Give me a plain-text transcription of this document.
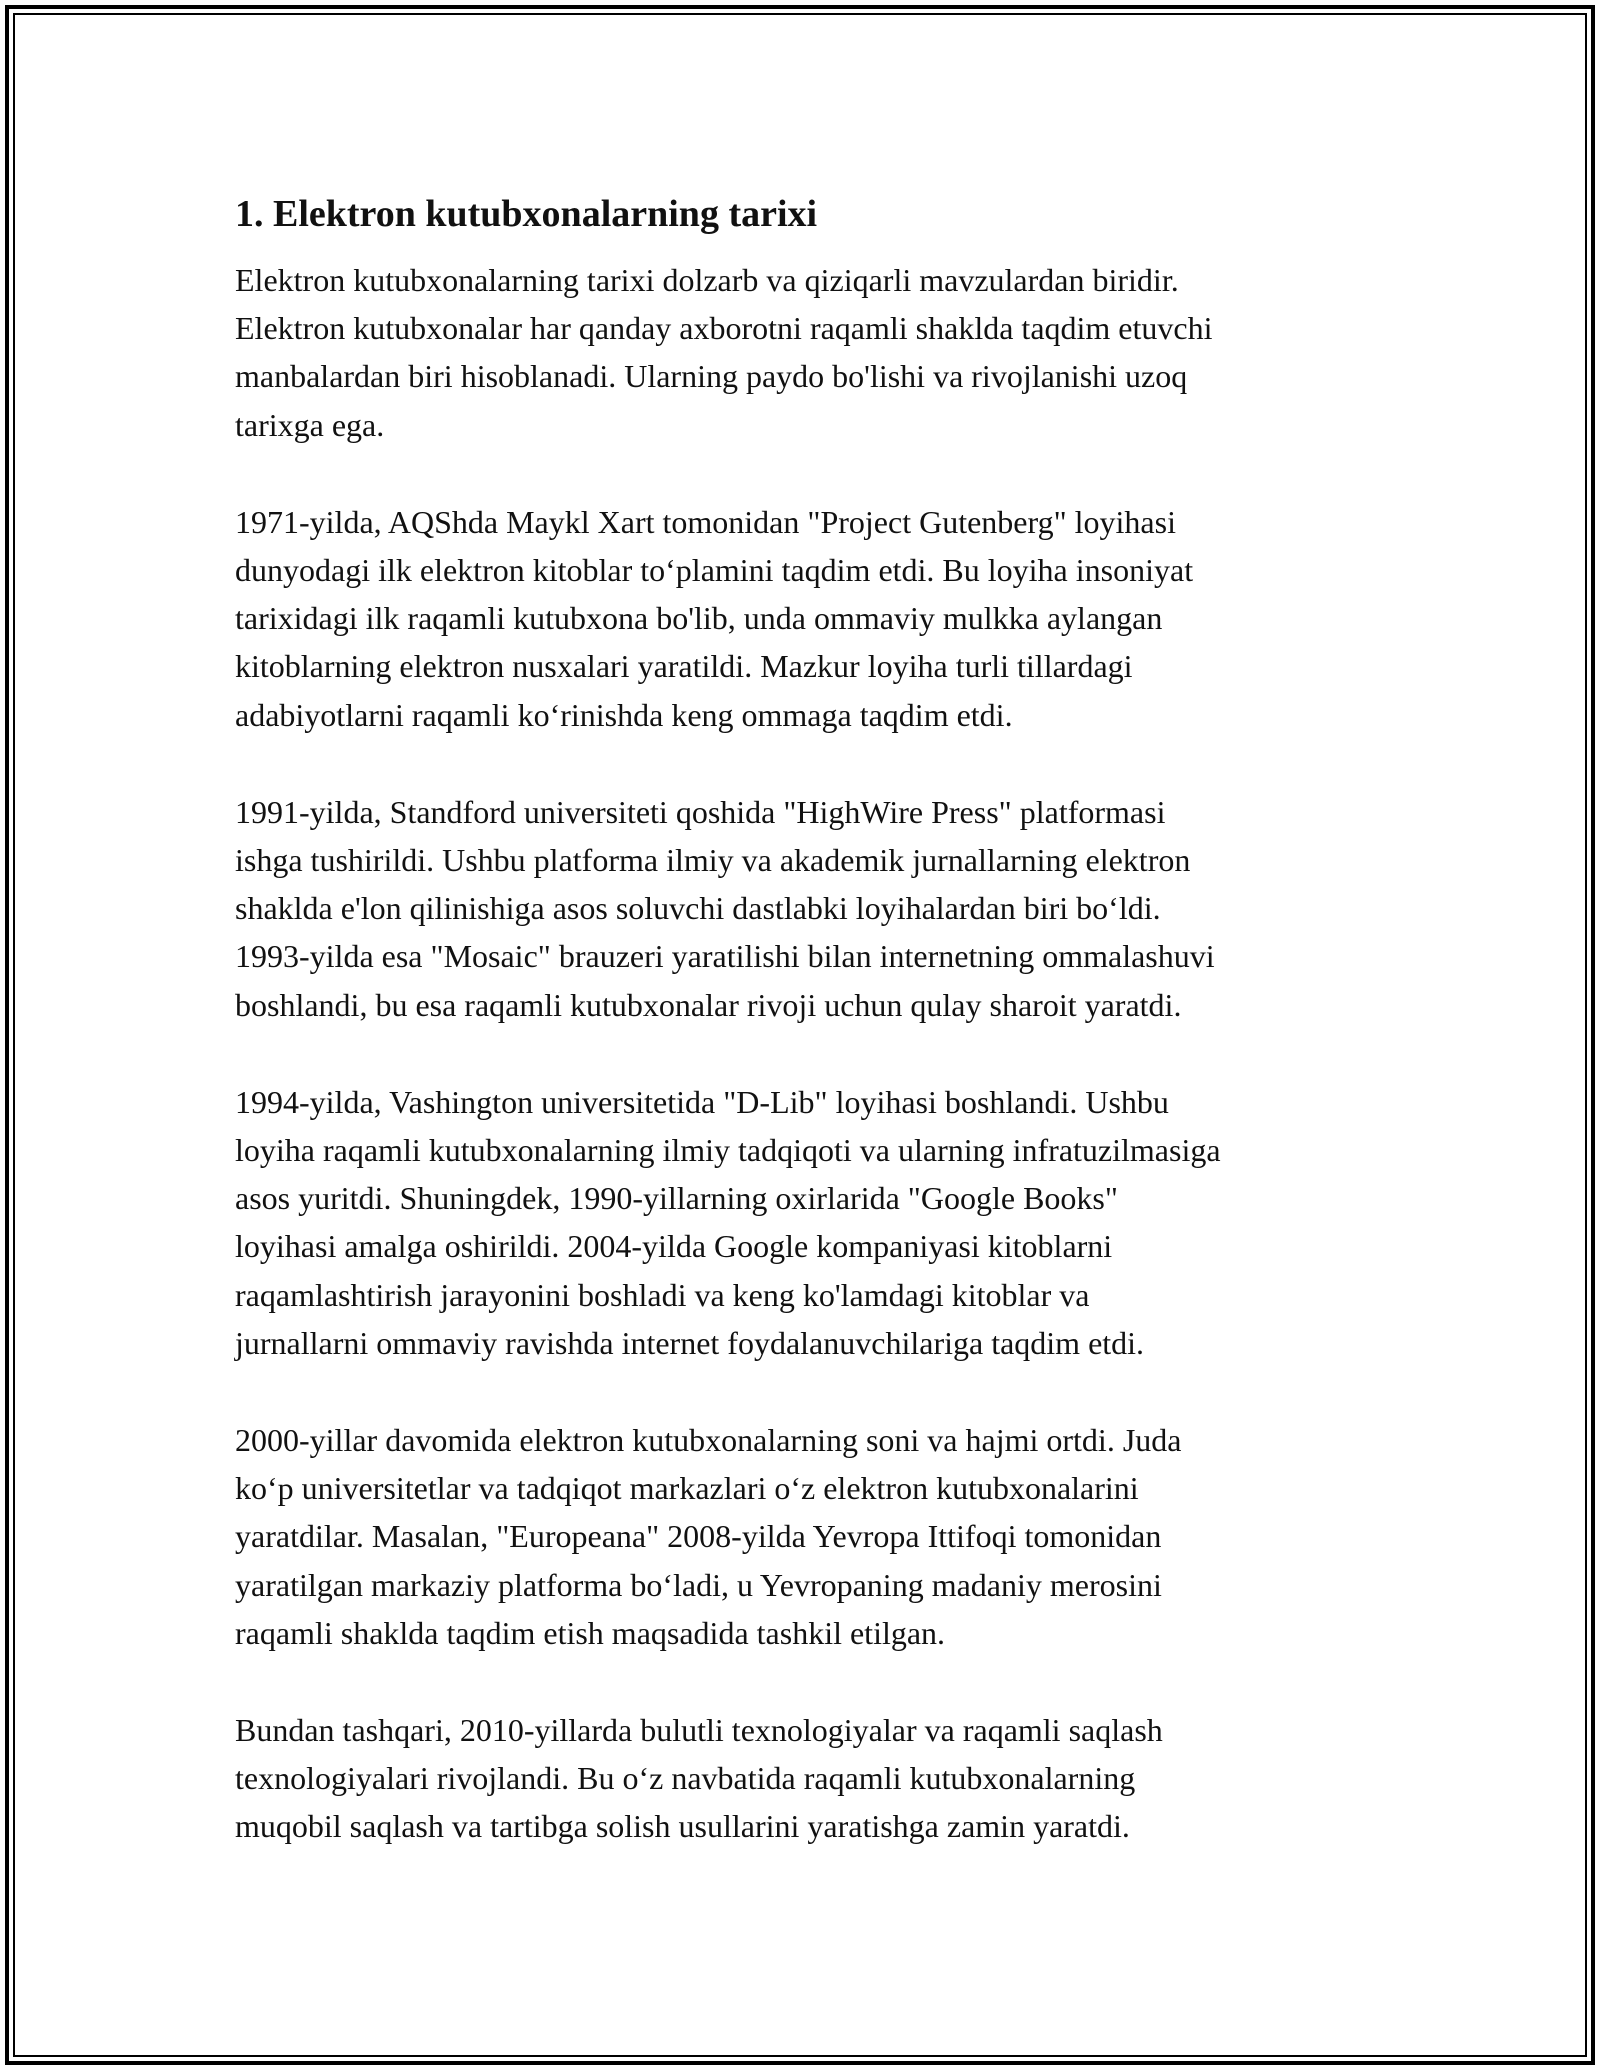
1. Elektron kutubxonalarning tarixi

Elektron kutubxonalarning tarixi dolzarb va qiziqarli mavzulardan biridir.
Elektron kutubxonalar har qanday axborotni raqamli shaklda taqdim etuvchi
manbalardan biri hisoblanadi. Ularning paydo bo'lishi va rivojlanishi uzoq
tarixga ega.

1971-yilda, AQShda Maykl Xart tomonidan "Project Gutenberg" loyihasi
dunyodagi ilk elektron kitoblar to‘plamini taqdim etdi. Bu loyiha insoniyat
tarixidagi ilk raqamli kutubxona bo'lib, unda ommaviy mulkka aylangan
kitoblarning elektron nusxalari yaratildi. Mazkur loyiha turli tillardagi
adabiyotlarni raqamli ko‘rinishda keng ommaga taqdim etdi.

1991-yilda, Standford universiteti qoshida "HighWire Press" platformasi
ishga tushirildi. Ushbu platforma ilmiy va akademik jurnallarning elektron
shaklda e'lon qilinishiga asos soluvchi dastlabki loyihalardan biri bo‘ldi.
1993-yilda esa "Mosaic" brauzeri yaratilishi bilan internetning ommalashuvi
boshlandi, bu esa raqamli kutubxonalar rivoji uchun qulay sharoit yaratdi.

1994-yilda, Vashington universitetida "D-Lib" loyihasi boshlandi. Ushbu
loyiha raqamli kutubxonalarning ilmiy tadqiqoti va ularning infratuzilmasiga
asos yuritdi. Shuningdek, 1990-yillarning oxirlarida "Google Books"
loyihasi amalga oshirildi. 2004-yilda Google kompaniyasi kitoblarni
raqamlashtirish jarayonini boshladi va keng ko'lamdagi kitoblar va
jurnallarni ommaviy ravishda internet foydalanuvchilariga taqdim etdi.

2000-yillar davomida elektron kutubxonalarning soni va hajmi ortdi. Juda
ko‘p universitetlar va tadqiqot markazlari o‘z elektron kutubxonalarini
yaratdilar. Masalan, "Europeana" 2008-yilda Yevropa Ittifoqi tomonidan
yaratilgan markaziy platforma bo‘ladi, u Yevropaning madaniy merosini
raqamli shaklda taqdim etish maqsadida tashkil etilgan.

Bundan tashqari, 2010-yillarda bulutli texnologiyalar va raqamli saqlash
texnologiyalari rivojlandi. Bu o‘z navbatida raqamli kutubxonalarning
muqobil saqlash va tartibga solish usullarini yaratishga zamin yaratdi.
